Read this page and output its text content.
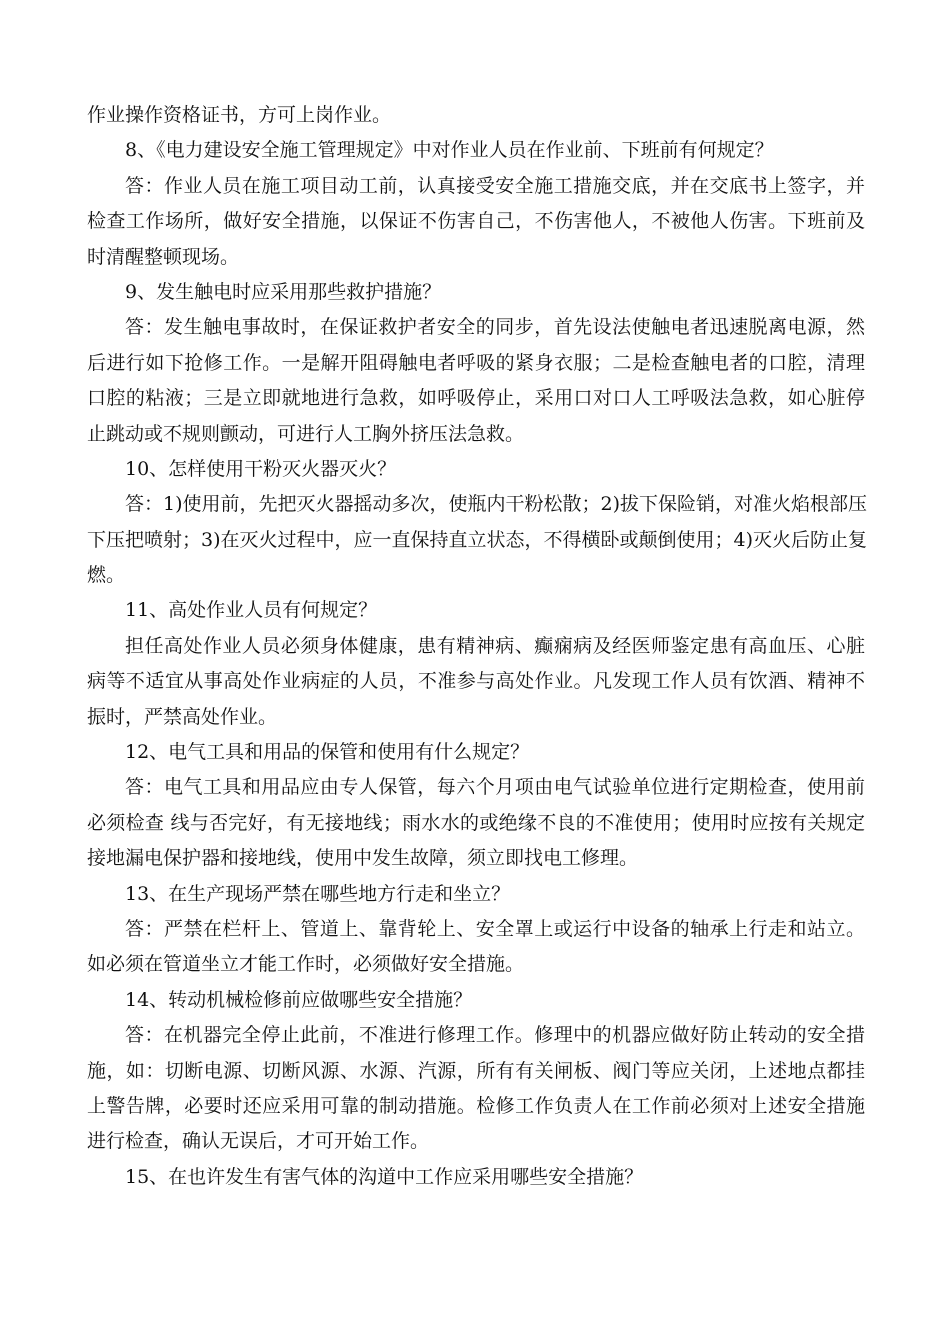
作业操作资格证书，方可上岗作业。
8、《电力建设安全施工管理规定》中对作业人员在作业前、下班前有何规定？
答：作业人员在施工项目动工前，认真接受安全施工措施交底，并在交底书上签字，并
检查工作场所，做好安全措施，以保证不伤害自己，不伤害他人，不被他人伤害。下班前及
时清醒整顿现场。
9、发生触电时应采用那些救护措施？
答：发生触电事故时，在保证救护者安全的同步，首先设法使触电者迅速脱离电源，然
后进行如下抢修工作。一是解开阻碍触电者呼吸的紧身衣服；二是检查触电者的口腔，清理
口腔的粘液；三是立即就地进行急救，如呼吸停止，采用口对口人工呼吸法急救，如心脏停
止跳动或不规则颤动，可进行人工胸外挤压法急救。
10、怎样使用干粉灭火器灭火？
答：1)使用前，先把灭火器摇动多次，使瓶内干粉松散；2)拔下保险销，对准火焰根部压
下压把喷射；3)在灭火过程中，应一直保持直立状态，不得横卧或颠倒使用；4)灭火后防止复
燃。
11、高处作业人员有何规定？
担任高处作业人员必须身体健康，患有精神病、癫痫病及经医师鉴定患有高血压、心脏
病等不适宜从事高处作业病症的人员，不准参与高处作业。凡发现工作人员有饮酒、精神不
振时，严禁高处作业。
12、电气工具和用品的保管和使用有什么规定？
答：电气工具和用品应由专人保管，每六个月项由电气试验单位进行定期检查，使用前
必须检查 线与否完好，有无接地线；雨水水的或绝缘不良的不准使用；使用时应按有关规定
接地漏电保护器和接地线，使用中发生故障，须立即找电工修理。
13、在生产现场严禁在哪些地方行走和坐立？
答：严禁在栏杆上、管道上、靠背轮上、安全罩上或运行中设备的轴承上行走和站立。
如必须在管道坐立才能工作时，必须做好安全措施。
14、转动机械检修前应做哪些安全措施？
答：在机器完全停止此前，不准进行修理工作。修理中的机器应做好防止转动的安全措
施，如：切断电源、切断风源、水源、汽源，所有有关闸板、阀门等应关闭，上述地点都挂
上警告牌，必要时还应采用可靠的制动措施。检修工作负责人在工作前必须对上述安全措施
进行检查，确认无误后，才可开始工作。
15、在也许发生有害气体的沟道中工作应采用哪些安全措施？
